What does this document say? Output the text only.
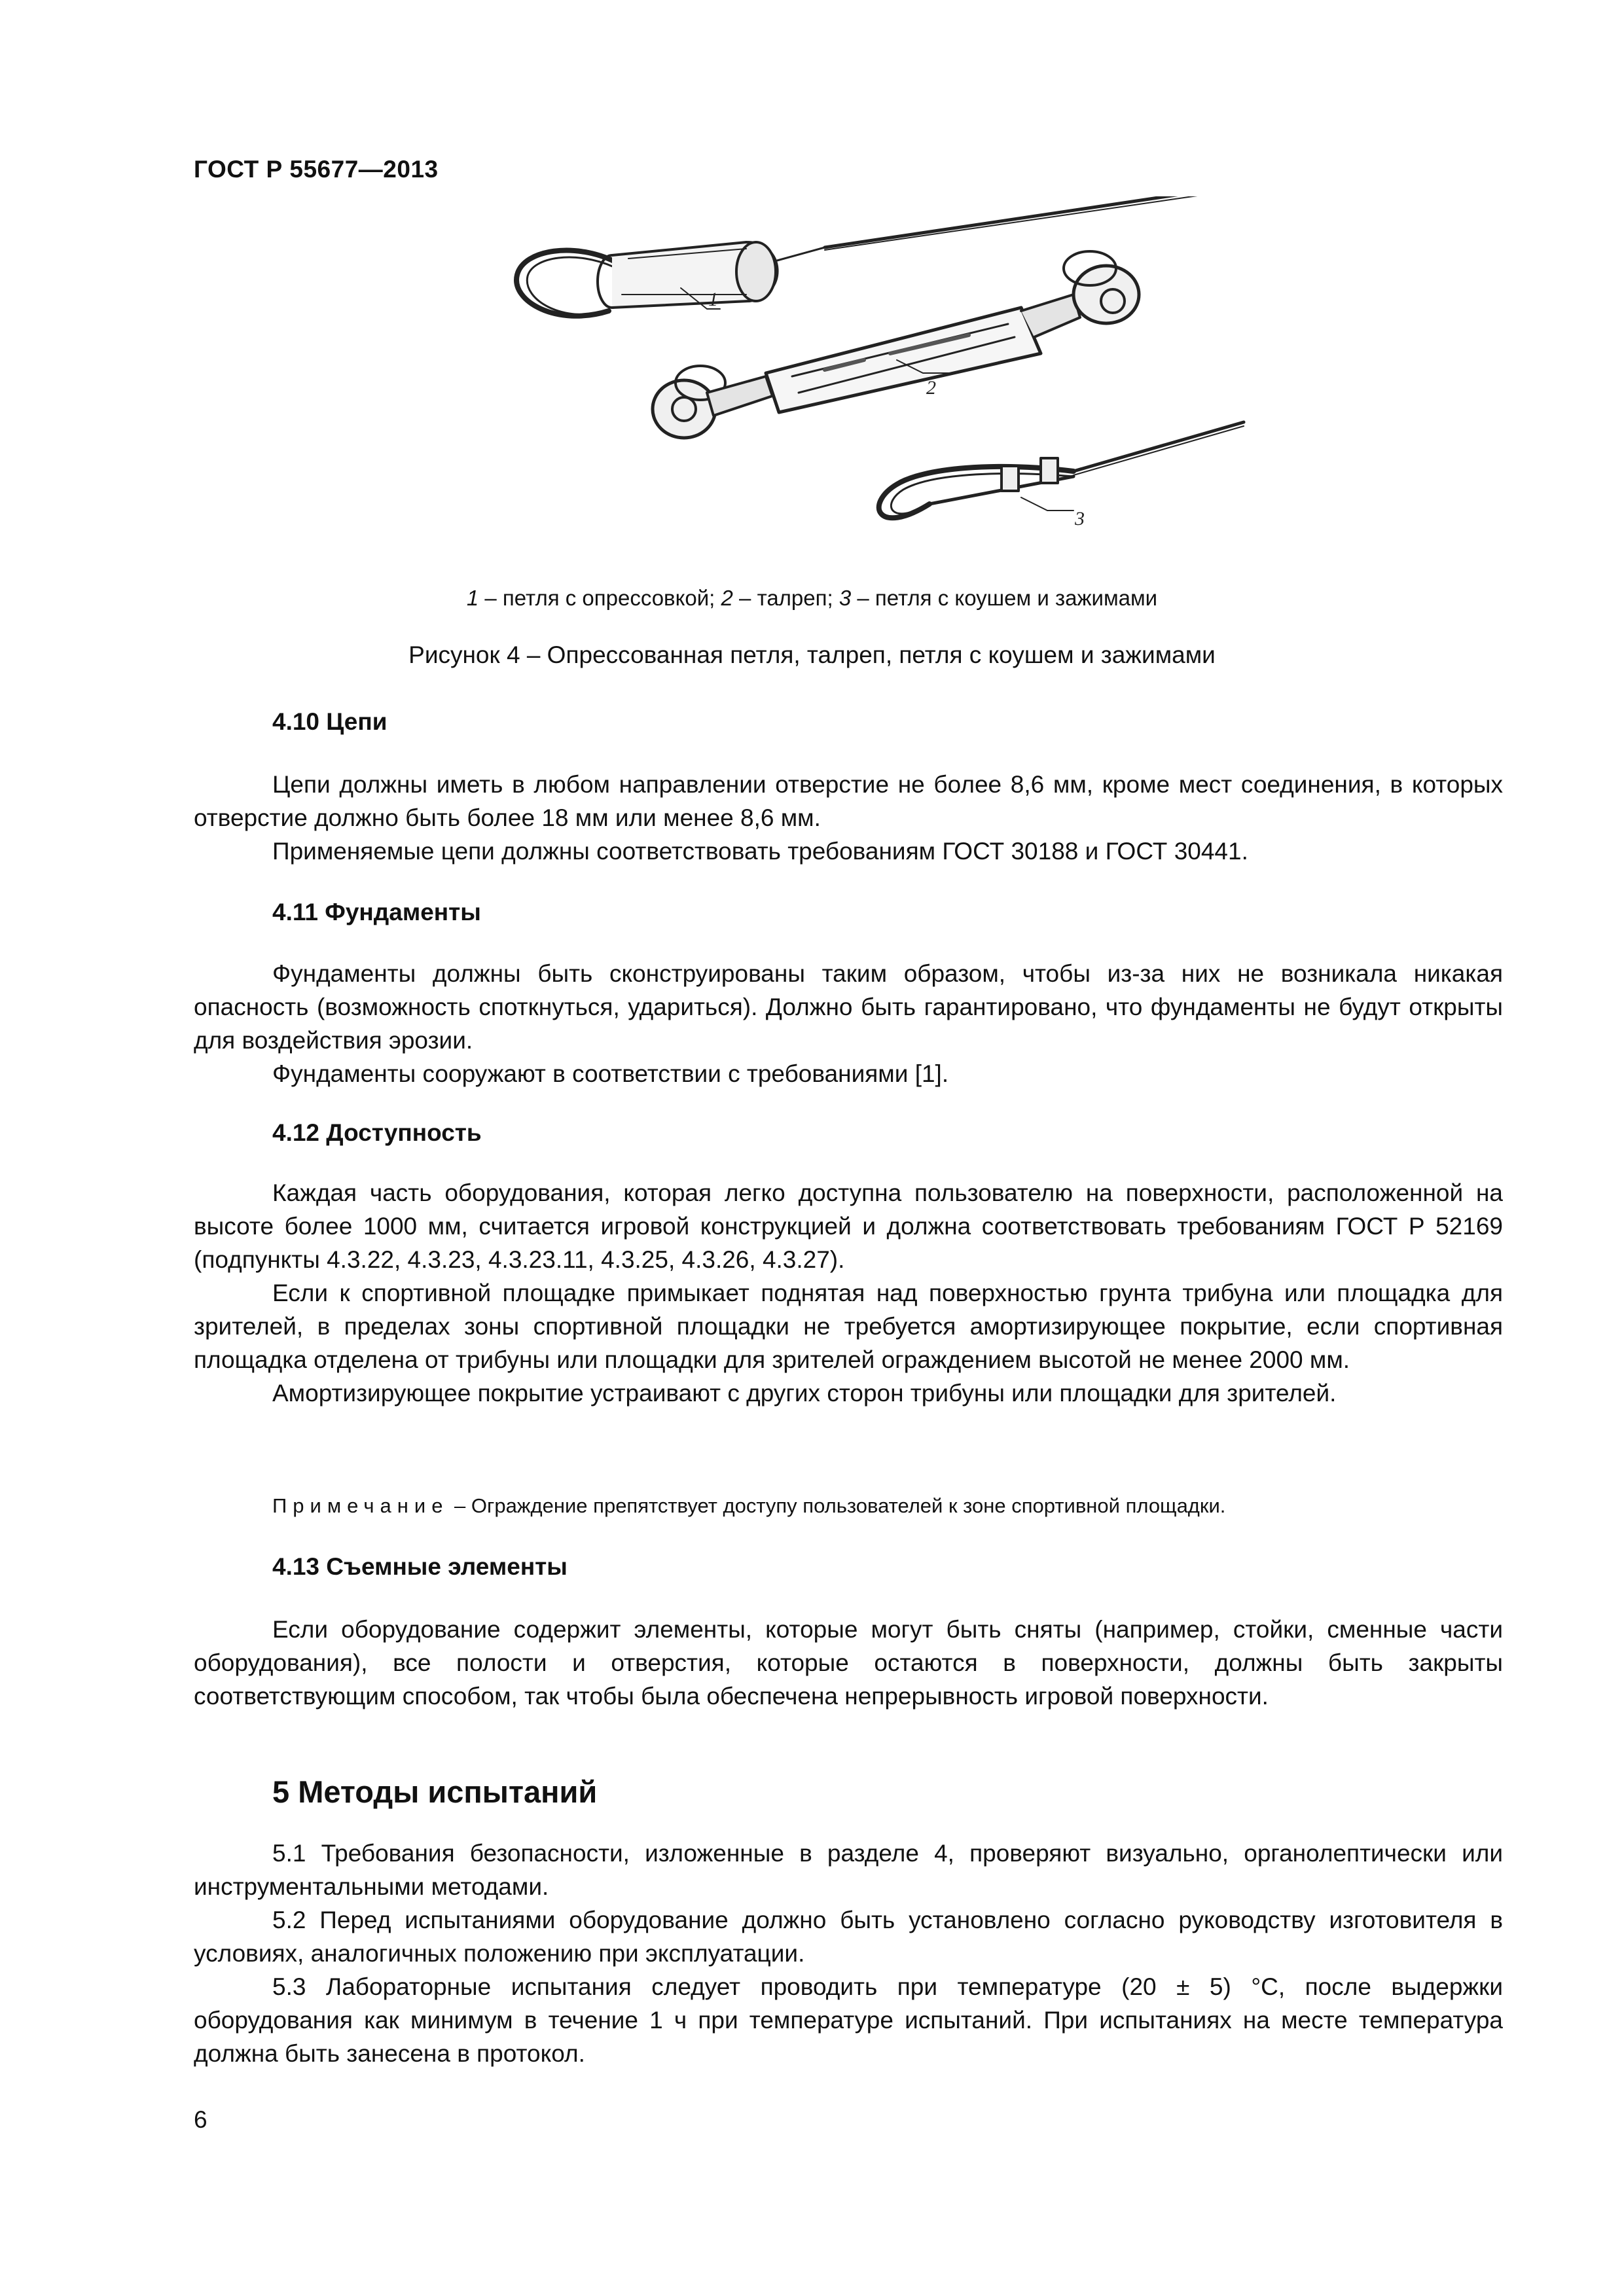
ГОСТ Р 55677—2013
1
2
3
1 – петля с опрессовкой; 2 – талреп; 3 – петля с коушем и зажимами
Рисунок 4 – Опрессованная петля, талреп, петля с коушем и зажимами
4.10 Цепи

Цепи должны иметь в любом направлении отверстие не более 8,6 мм, кроме мест соединения, в которых отверстие должно быть более 18 мм или менее 8,6 мм.

Применяемые цепи должны соответствовать требованиям ГОСТ 30188 и ГОСТ 30441.

4.11 Фундаменты

Фундаменты должны быть сконструированы таким образом, чтобы из-за них не возникала никакая опасность (возможность споткнуться, удариться). Должно быть гарантировано, что фундаменты не будут открыты для воздействия эрозии.

Фундаменты сооружают в соответствии с требованиями [1].

4.12 Доступность

Каждая часть оборудования, которая легко доступна пользователю на поверхности, расположенной на высоте более 1000 мм, считается игровой конструкцией и должна соответствовать требованиям ГОСТ Р 52169 (подпункты 4.3.22, 4.3.23, 4.3.23.11, 4.3.25, 4.3.26, 4.3.27).

Если к спортивной площадке примыкает поднятая над поверхностью грунта трибуна или площадка для зрителей, в пределах зоны спортивной площадки не требуется амортизирующее покрытие, если спортивная площадка отделена от трибуны или площадки для зрителей ограждением высотой не менее 2000 мм.

Амортизирующее покрытие устраивают с других сторон трибуны или площадки для зрителей.

Примечание – Ограждение препятствует доступу пользователей к зоне спортивной площадки.
4.13 Съемные элементы

Если оборудование содержит элементы, которые могут быть сняты (например, стойки, сменные части оборудования), все полости и отверстия, которые остаются в поверхности, должны быть закрыты соответствующим способом, так чтобы была обеспечена непрерывность игровой поверхности.

5 Методы испытаний

5.1 Требования безопасности, изложенные в разделе 4, проверяют визуально, органолептически или инструментальными методами.

5.2 Перед испытаниями оборудование должно быть установлено согласно руководству изготовителя в условиях, аналогичных положению при эксплуатации.

5.3 Лабораторные испытания следует проводить при температуре (20 ± 5) °С, после выдержки оборудования как минимум в течение 1 ч при температуре испытаний. При испытаниях на месте температура должна быть занесена в протокол.

6
